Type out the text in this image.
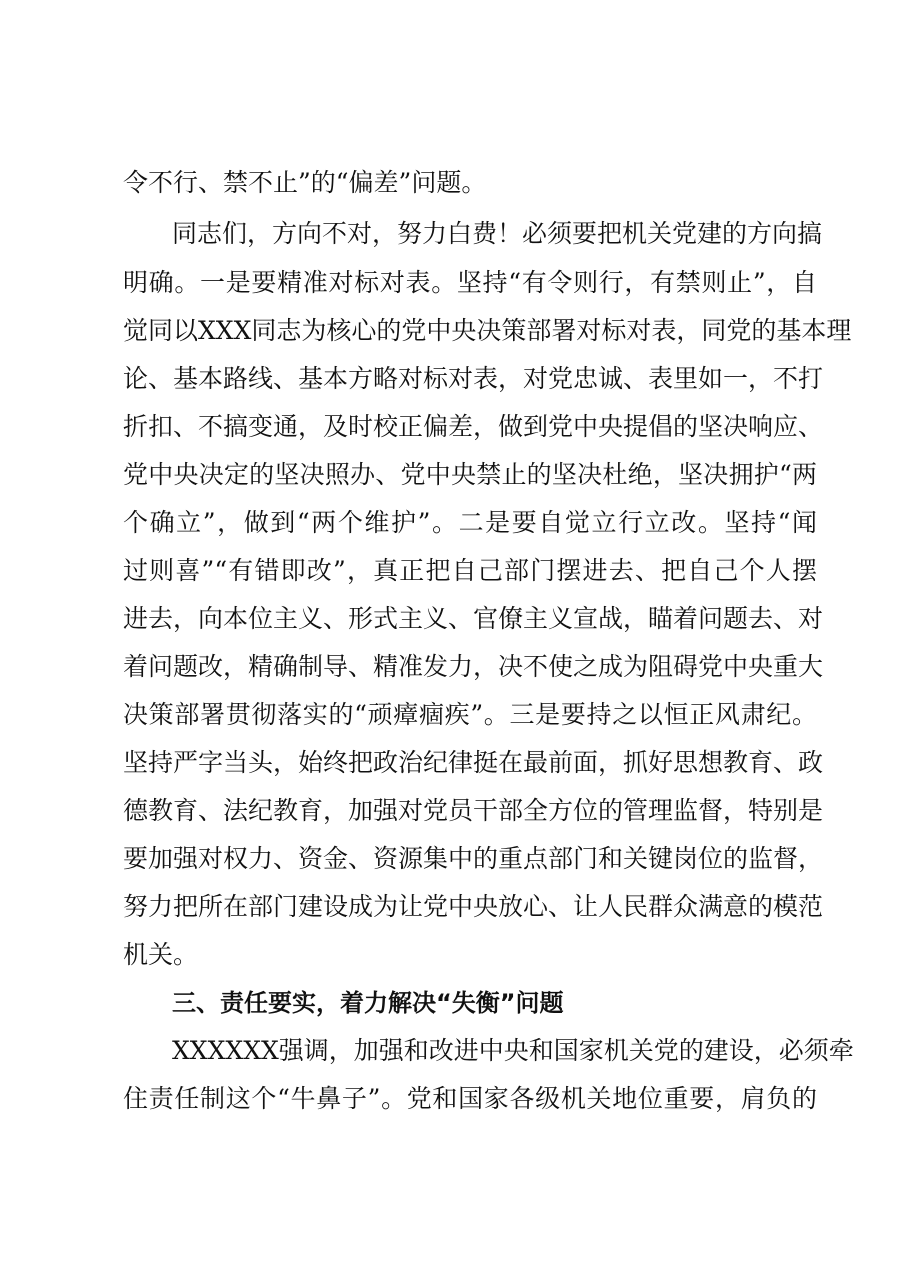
令不行、禁不止”的“偏差”问题。
同志们，方向不对，努力白费！必须要把机关党建的方向搞
明确。一是要精准对标对表。坚持“有令则行，有禁则止”，自
觉同以XXX同志为核心的党中央决策部署对标对表，同党的基本理
论、基本路线、基本方略对标对表，对党忠诚、表里如一，不打
折扣、不搞变通，及时校正偏差，做到党中央提倡的坚决响应、
党中央决定的坚决照办、党中央禁止的坚决杜绝，坚决拥护“两
个确立”，做到“两个维护”。二是要自觉立行立改。坚持“闻
过则喜”“有错即改”，真正把自己部门摆进去、把自己个人摆
进去，向本位主义、形式主义、官僚主义宣战，瞄着问题去、对
着问题改，精确制导、精准发力，决不使之成为阻碍党中央重大
决策部署贯彻落实的“顽瘴痼疾”。三是要持之以恒正风肃纪。
坚持严字当头，始终把政治纪律挺在最前面，抓好思想教育、政
德教育、法纪教育，加强对党员干部全方位的管理监督，特别是
要加强对权力、资金、资源集中的重点部门和关键岗位的监督，
努力把所在部门建设成为让党中央放心、让人民群众满意的模范
机关。
三、责任要实，着力解决“失衡”问题
XXXXXX强调，加强和改进中央和国家机关党的建设，必须牵
住责任制这个“牛鼻子”。党和国家各级机关地位重要，肩负的
